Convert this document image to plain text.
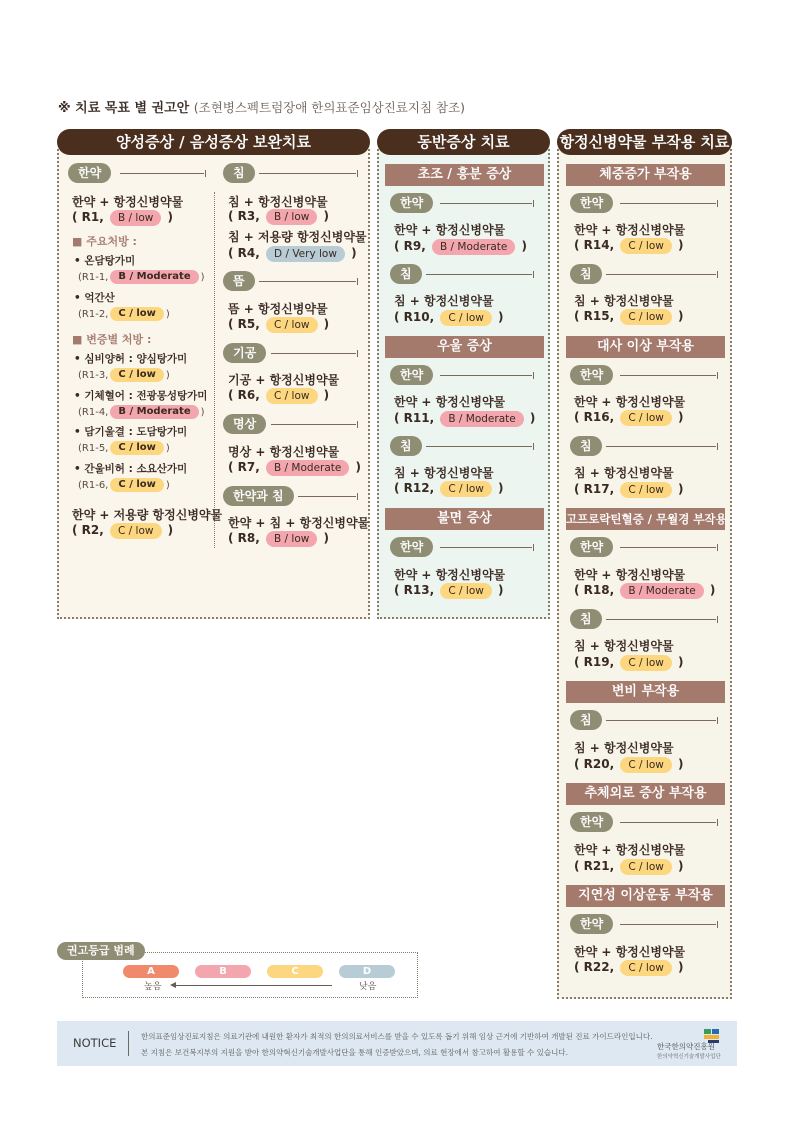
※ 치료 목표 별 권고안 (조현병스펙트럼장애 한의표준임상진료지침 참조)
양성증상 / 음성증상 보완치료	동반증상 치료	항정신병약물 부작용 치료
한약
한약 + 항정신병약물
( R1, B / low )
■ 주요처방 :
• 온담탕가미
(R1-1, B / Moderate )
• 억간산
(R1-2, C / low )
■ 변증별 처방 :
• 심비양허 : 양심탕가미
(R1-3, C / low )
• 기체혈어 : 전광몽성탕가미
(R1-4, B / Moderate )
• 담기울결 : 도담탕가미
(R1-5, C / low )
• 간울비허 : 소요산가미
(R1-6, C / low )
한약 + 저용량 항정신병약물
( R2, C / low )
침
침 + 항정신병약물
( R3, B / low )
침 + 저용량 항정신병약물
( R4, D / Very low )
뜸
뜸 + 항정신병약물
( R5, C / low )
기공
기공 + 항정신병약물
( R6, C / low )
명상
명상 + 항정신병약물
( R7, B / Moderate )
한약과 침
한약 + 침 + 항정신병약물
( R8, B / low )
초조 / 흥분 증상
한약
한약 + 항정신병약물
( R9, B / Moderate )
침
침 + 항정신병약물
( R10, C / low )
우울 증상
한약
한약 + 항정신병약물
( R11, B / Moderate )
침
침 + 항정신병약물
( R12, C / low )
불면 증상
한약
한약 + 항정신병약물
( R13, C / low )
체중증가 부작용
한약
한약 + 항정신병약물
( R14, C / low )
침
침 + 항정신병약물
( R15, C / low )
대사 이상 부작용
한약
한약 + 항정신병약물
( R16, C / low )
침
침 + 항정신병약물
( R17, C / low )
고프로락틴혈증 / 무월경 부작용
한약
한약 + 항정신병약물
( R18, B / Moderate )
침
침 + 항정신병약물
( R19, C / low )
변비 부작용
침
침 + 항정신병약물
( R20, C / low )
추체외로 증상 부작용
한약
한약 + 항정신병약물
( R21, C / low )
지연성 이상운동 부작용
한약
한약 + 항정신병약물
( R22, C / low )
권고등급 범례
A	B	C	D
높음	낮음
NOTICE	한의표준임상진료지침은 의료기관에 내원한 환자가 최적의 한의의료서비스를 받을 수 있도록 돕기 위해 임상 근거에 기반하여 개발된 진료 가이드라인입니다.
본 지침은 보건복지부의 지원을 받아 한의약혁신기술개발사업단을 통해 인증받았으며, 의료 현장에서 참고하여 활용할 수 있습니다.
한국한의약진흥원
한의약혁신기술개발사업단
